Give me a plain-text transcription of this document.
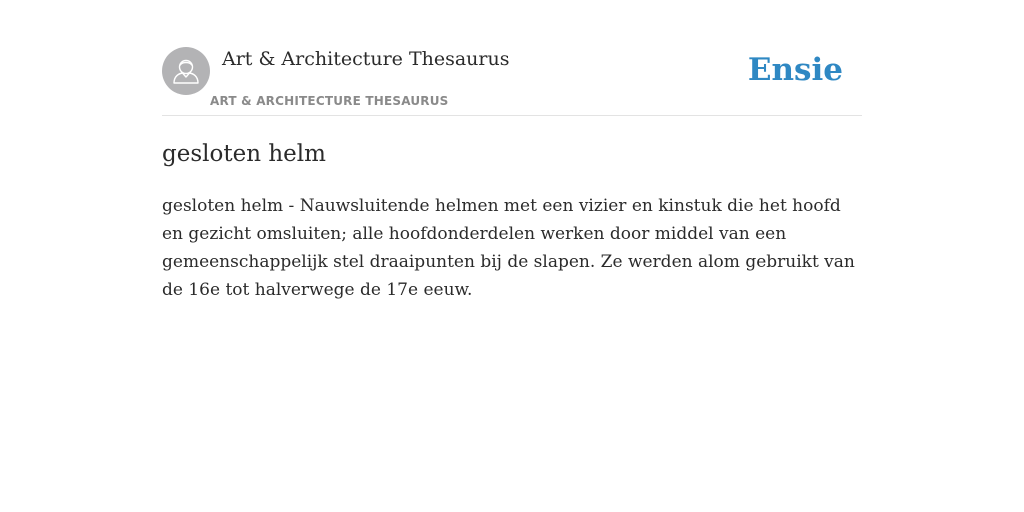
Art & Architecture Thesaurus
ART & ARCHITECTURE THESAURUS
Ensie
gesloten helm

gesloten helm - Nauwsluitende helmen met een vizier en kinstuk die het hoofd en gezicht omsluiten; alle hoofdonderdelen werken door middel van een gemeenschappelijk stel draaipunten bij de slapen. Ze werden alom gebruikt van de 16e tot halverwege de 17e eeuw.
